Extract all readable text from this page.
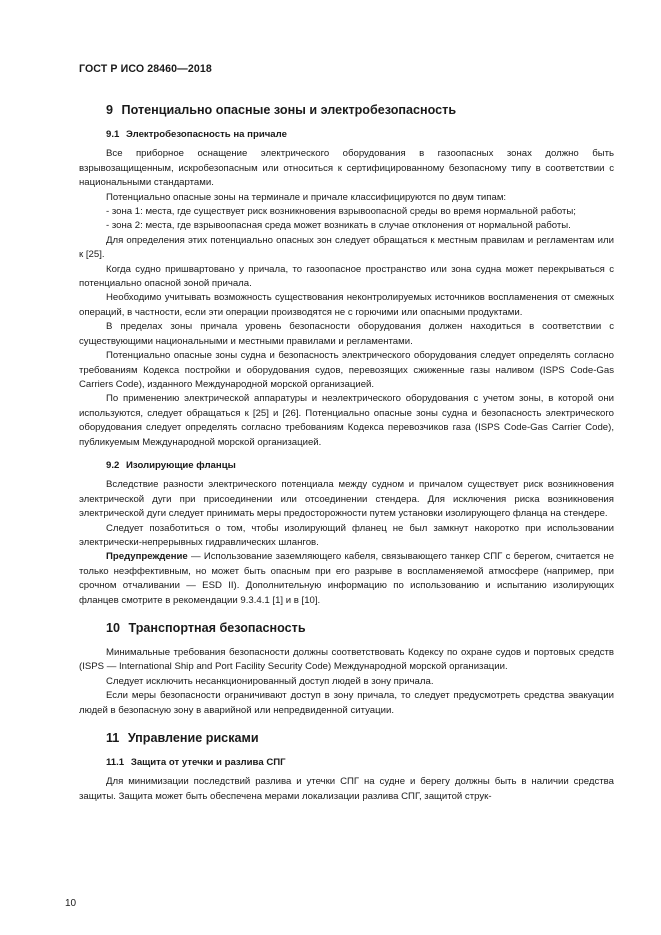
ГОСТ Р ИСО 28460—2018
9 Потенциально опасные зоны и электробезопасность
9.1 Электробезопасность на причале

Все приборное оснащение электрического оборудования в газоопасных зонах должно быть взрывозащищенным, искробезопасным или относиться к сертифицированному безопасному типу в соответствии с национальными стандартами.

Потенциально опасные зоны на терминале и причале классифицируются по двум типам:

- зона 1: места, где существует риск возникновения взрывоопасной среды во время нормальной работы;

- зона 2: места, где взрывоопасная среда может возникать в случае отклонения от нормальной работы.

Для определения этих потенциально опасных зон следует обращаться к местным правилам и регламентам или к [25].

Когда судно пришвартовано у причала, то газоопасное пространство или зона судна может перекрываться с потенциально опасной зоной причала.

Необходимо учитывать возможность существования неконтролируемых источников воспламенения от смежных операций, в частности, если эти операции производятся не с горючими или опасными продуктами.

В пределах зоны причала уровень безопасности оборудования должен находиться в соответствии с существующими национальными и местными правилами и регламентами.

Потенциально опасные зоны судна и безопасность электрического оборудования следует определять согласно требованиям Кодекса постройки и оборудования судов, перевозящих сжиженные газы наливом (ISPS Code-Gas Carriers Code), изданного Международной морской организацией.

По применению электрической аппаратуры и неэлектрического оборудования с учетом зоны, в которой они используются, следует обращаться к [25] и [26]. Потенциально опасные зоны судна и безопасность электрического оборудования следует определять согласно требованиям Кодекса перевозчиков газа (ISPS Code-Gas Carrier Code), публикуемым Международной морской организацией.

9.2 Изолирующие фланцы

Вследствие разности электрического потенциала между судном и причалом существует риск возникновения электрической дуги при присоединении или отсоединении стендера. Для исключения риска возникновения электрической дуги следует принимать меры предосторожности путем установки изолирующего фланца на стендере.

Следует позаботиться о том, чтобы изолирующий фланец не был замкнут накоротко при использовании электрически-непрерывных гидравлических шлангов.

Предупреждение — Использование заземляющего кабеля, связывающего танкер СПГ с берегом, считается не только неэффективным, но может быть опасным при его разрыве в воспламеняемой атмосфере (например, при срочном отчаливании — ESD II). Дополнительную информацию по использованию и испытанию изолирующих фланцев смотрите в рекомендации 9.3.4.1 [1] и в [10].

10 Транспортная безопасность

Минимальные требования безопасности должны соответствовать Кодексу по охране судов и портовых средств (ISPS — International Ship and Port Facility Security Code) Международной морской организации.

Следует исключить несанкционированный доступ людей в зону причала.

Если меры безопасности ограничивают доступ в зону причала, то следует предусмотреть средства эвакуации людей в безопасную зону в аварийной или непредвиденной ситуации.

11 Управление рисками
11.1 Защита от утечки и разлива СПГ

Для минимизации последствий разлива и утечки СПГ на судне и берегу должны быть в наличии средства защиты. Защита может быть обеспечена мерами локализации разлива СПГ, защитой струк-

10
